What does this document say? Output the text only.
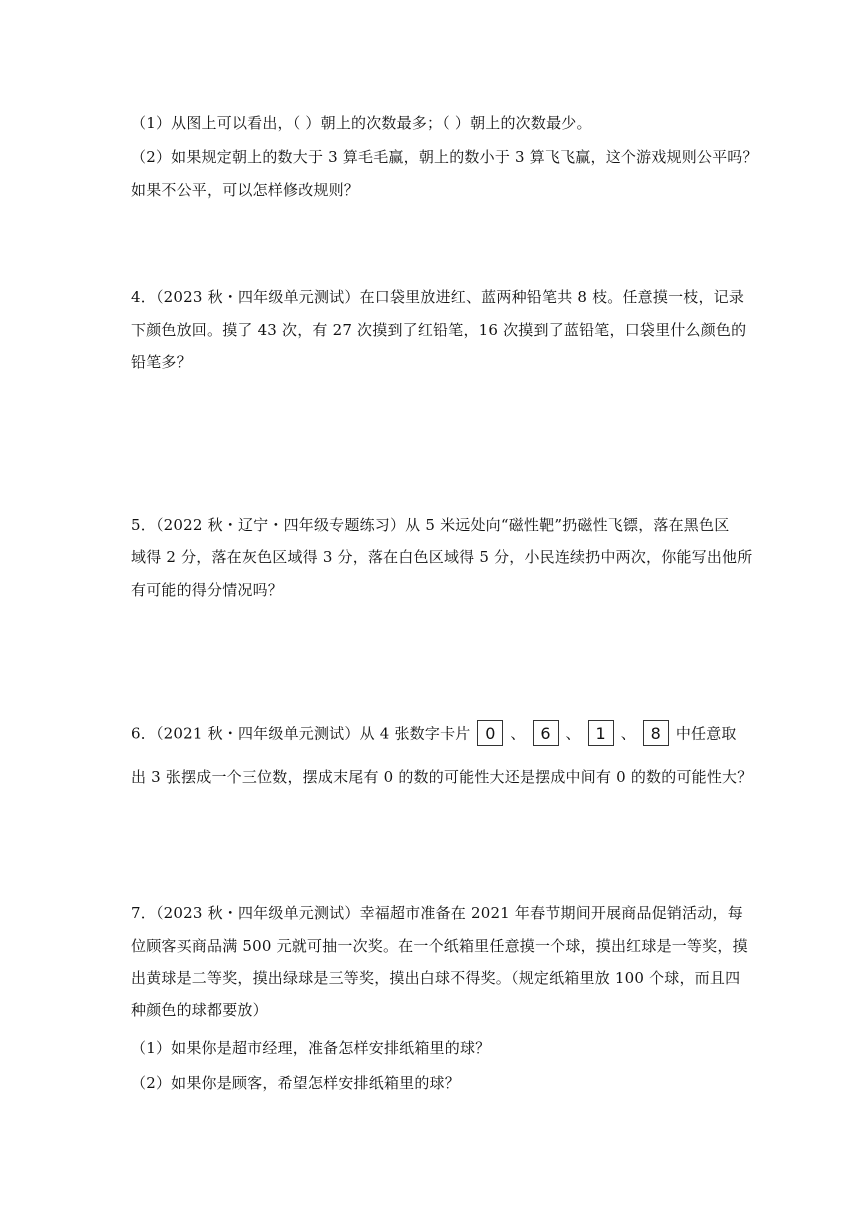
（1）从图上可以看出，（ ）朝上的次数最多；（ ）朝上的次数最少。
（2）如果规定朝上的数大于 3 算毛毛赢，朝上的数小于 3 算飞飞赢，这个游戏规则公平吗？
如果不公平，可以怎样修改规则？
4．（2023 秋・四年级单元测试）在口袋里放进红、蓝两种铅笔共 8 枝。任意摸一枝，记录
下颜色放回。摸了 43 次，有 27 次摸到了红铅笔，16 次摸到了蓝铅笔，口袋里什么颜色的
铅笔多？
5．（2022 秋・辽宁・四年级专题练习）从 5 米远处向“磁性靶”扔磁性飞镖，落在黑色区
域得 2 分，落在灰色区域得 3 分，落在白色区域得 5 分，小民连续扔中两次，你能写出他所
有可能的得分情况吗？
6．（2021 秋・四年级单元测试）从 4 张数字卡片 0 、 6 、 1 、 8 中任意取
出 3 张摆成一个三位数，摆成末尾有 0 的数的可能性大还是摆成中间有 0 的数的可能性大？
7．（2023 秋・四年级单元测试）幸福超市准备在 2021 年春节期间开展商品促销活动，每
位顾客买商品满 500 元就可抽一次奖。在一个纸箱里任意摸一个球，摸出红球是一等奖，摸
出黄球是二等奖，摸出绿球是三等奖，摸出白球不得奖。（规定纸箱里放 100 个球，而且四
种颜色的球都要放）
（1）如果你是超市经理，准备怎样安排纸箱里的球？
（2）如果你是顾客，希望怎样安排纸箱里的球？
